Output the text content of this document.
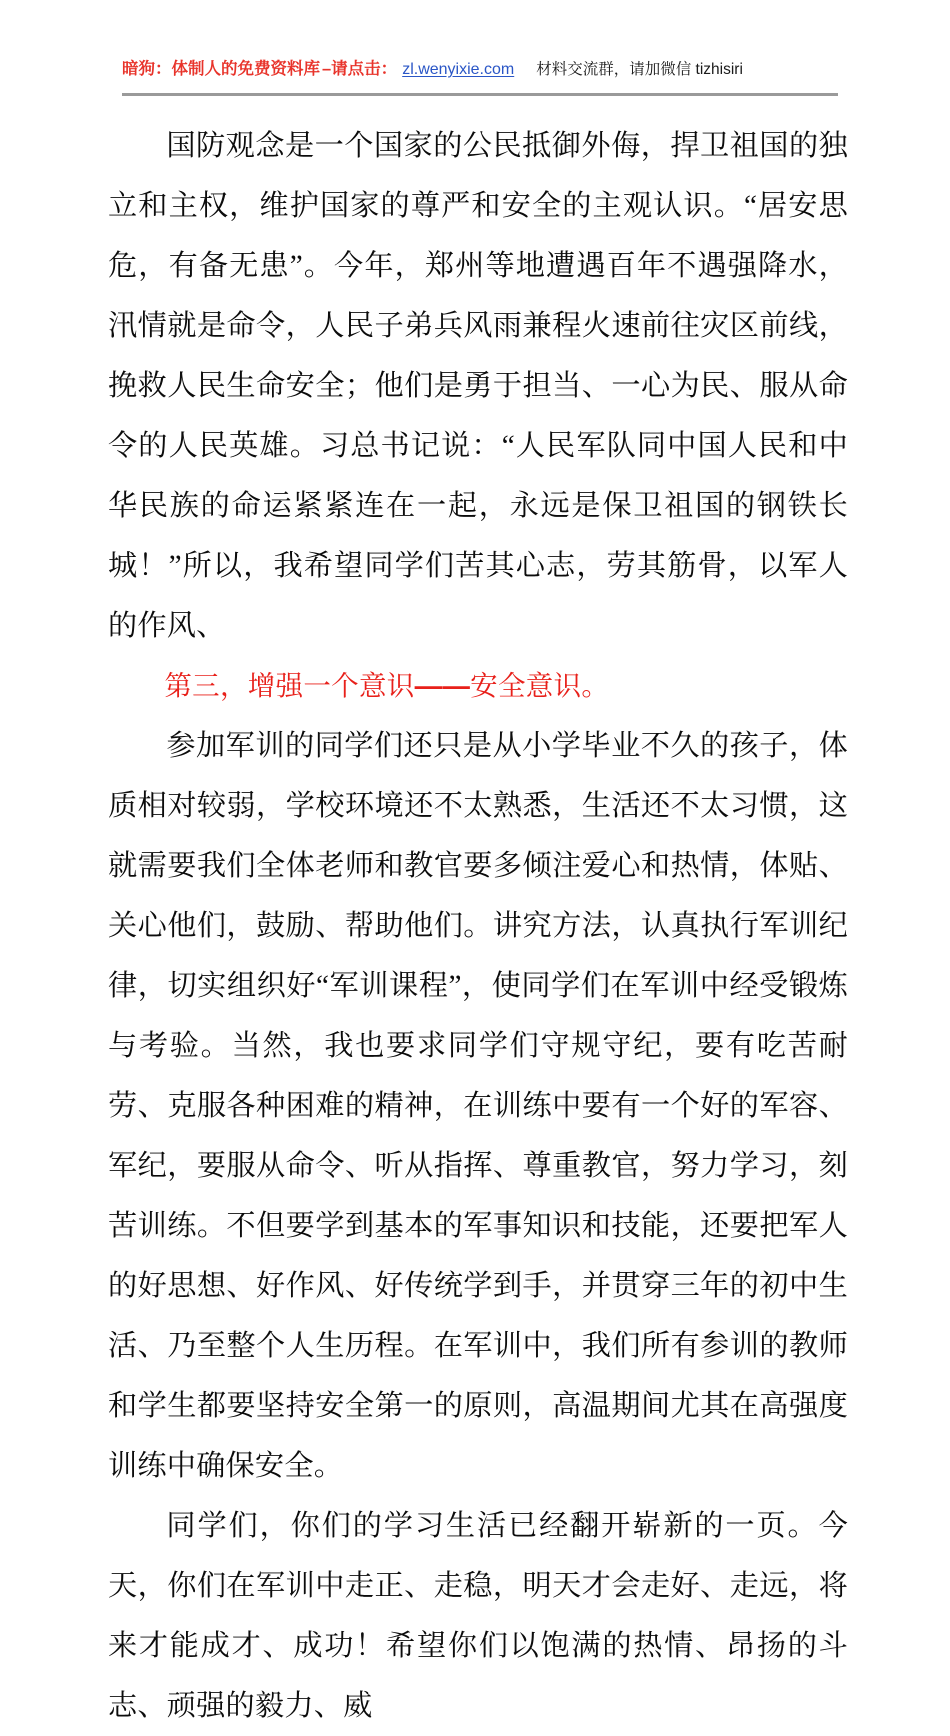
暗狗：体制人的免费资料库 –请点击： zl.wenyixie.com 材料交流群，请加微信 tizhisiri

国防观念是一个国家的公民抵御外侮，捍卫祖国的独立和主权，维护国家的尊严和安全的主观认识。“居安思危，有备无患”。今年，郑州等地遭遇百年不遇强降水，汛情就是命令，人民子弟兵风雨兼程火速前往灾区前线，挽救人民生命安全；他们是勇于担当、一心为民、服从命令的人民英雄。习总书记说：“人民军队同中国人民和中华民族的命运紧紧连在一起，永远是保卫祖国的钢铁长城！”所以，我希望同学们苦其心志，劳其筋骨，以军人的作风、

第三，增强一个意识——安全意识。

参加军训的同学们还只是从小学毕业不久的孩子，体质相对较弱，学校环境还不太熟悉，生活还不太习惯，这就需要我们全体老师和教官要多倾注爱心和热情，体贴、关心他们，鼓励、帮助他们。讲究方法，认真执行军训纪律，切实组织好“军训课程”，使同学们在军训中经受锻炼与考验。当然，我也要求同学们守规守纪，要有吃苦耐劳、克服各种困难的精神，在训练中要有一个好的军容、军纪，要服从命令、听从指挥、尊重教官，努力学习，刻苦训练。不但要学到基本的军事知识和技能，还要把军人的好思想、好作风、好传统学到手，并贯穿三年的初中生活、乃至整个人生历程。在军训中，我们所有参训的教师和学生都要坚持安全第一的原则，高温期间尤其在高强度训练中确保安全。

同学们，你们的学习生活已经翻开崭新的一页。今天，你们在军训中走正、走稳，明天才会走好、走远，将来才能成才、成功！希望你们以饱满的热情、昂扬的斗志、顽强的毅力、威
